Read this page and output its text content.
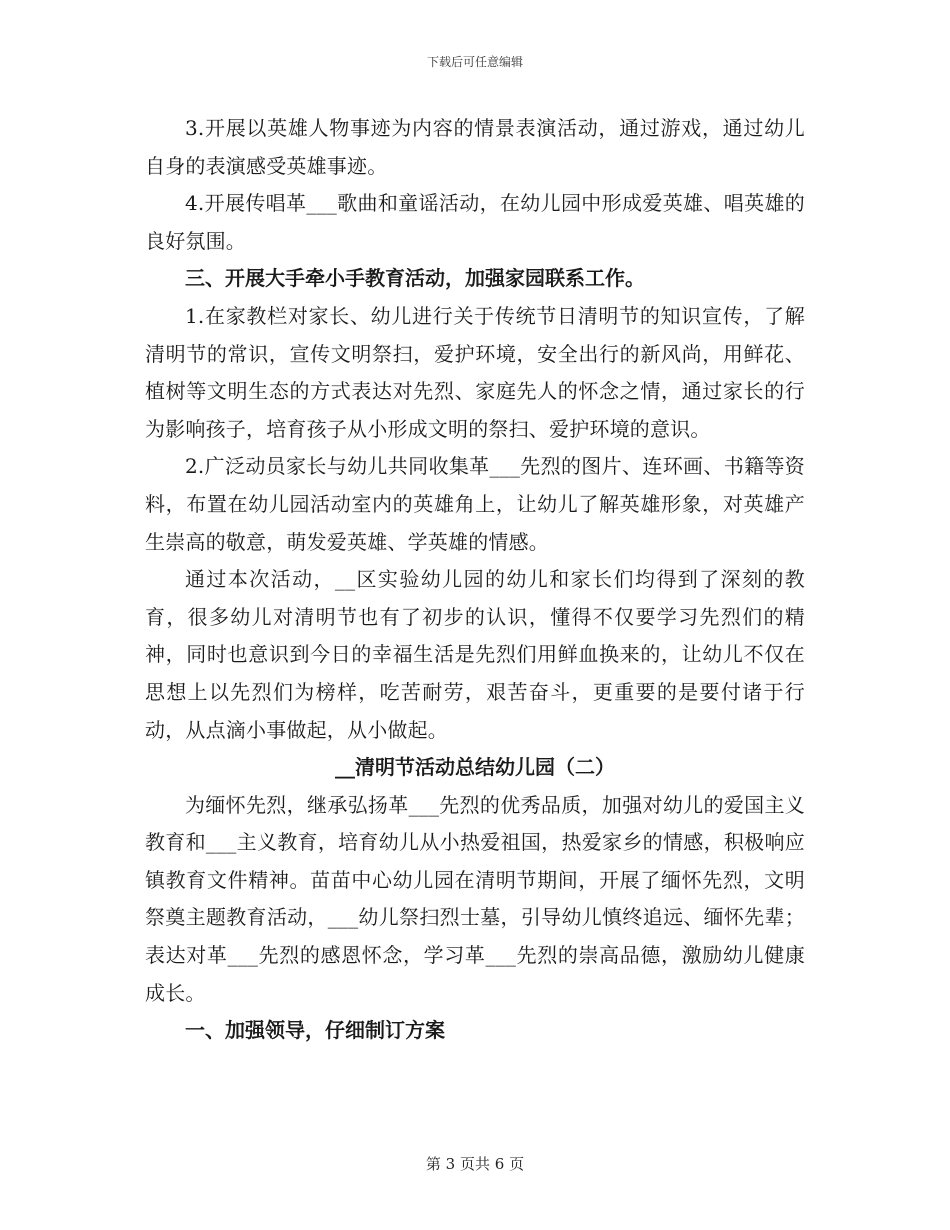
下载后可任意编辑

3.开展以英雄人物事迹为内容的情景表演活动，通过游戏，通过幼儿自身的表演感受英雄事迹。

4.开展传唱革___歌曲和童谣活动，在幼儿园中形成爱英雄、唱英雄的良好氛围。

三、开展大手牵小手教育活动，加强家园联系工作。

1.在家教栏对家长、幼儿进行关于传统节日清明节的知识宣传，了解清明节的常识，宣传文明祭扫，爱护环境，安全出行的新风尚，用鲜花、植树等文明生态的方式表达对先烈、家庭先人的怀念之情，通过家长的行为影响孩子，培育孩子从小形成文明的祭扫、爱护环境的意识。

2.广泛动员家长与幼儿共同收集革___先烈的图片、连环画、书籍等资料，布置在幼儿园活动室内的英雄角上，让幼儿了解英雄形象，对英雄产生崇高的敬意，萌发爱英雄、学英雄的情感。

通过本次活动，__区实验幼儿园的幼儿和家长们均得到了深刻的教育，很多幼儿对清明节也有了初步的认识，懂得不仅要学习先烈们的精神，同时也意识到今日的幸福生活是先烈们用鲜血换来的，让幼儿不仅在思想上以先烈们为榜样，吃苦耐劳，艰苦奋斗，更重要的是要付诸于行动，从点滴小事做起，从小做起。

__清明节活动总结幼儿园（二）

为缅怀先烈，继承弘扬革___先烈的优秀品质，加强对幼儿的爱国主义教育和___主义教育，培育幼儿从小热爱祖国，热爱家乡的情感，积极响应镇教育文件精神。苗苗中心幼儿园在清明节期间，开展了缅怀先烈，文明祭奠主题教育活动，___幼儿祭扫烈士墓，引导幼儿慎终追远、缅怀先辈；表达对革___先烈的感恩怀念，学习革___先烈的崇高品德，激励幼儿健康成长。

一、加强领导，仔细制订方案

第 3 页共 6 页
